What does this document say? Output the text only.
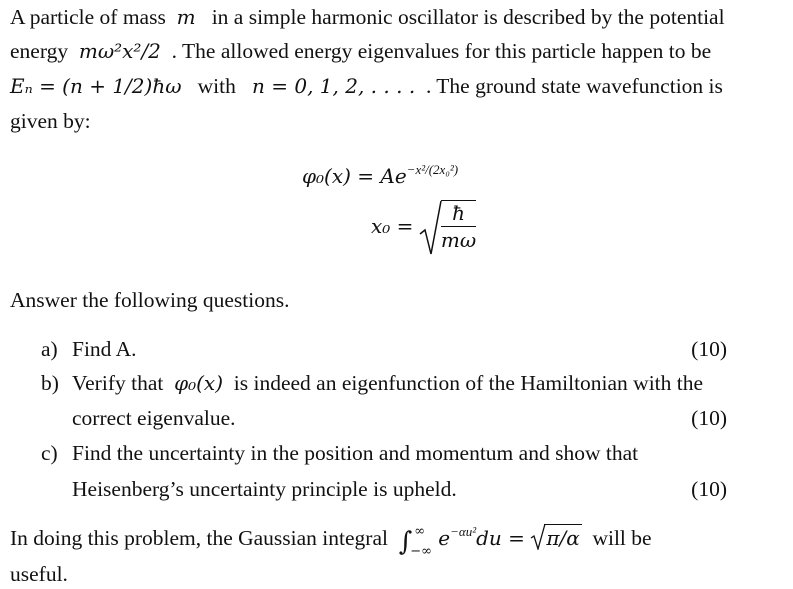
A particle of mass m in a simple harmonic oscillator is described by the potential
energy mω²x²/2 . The allowed energy eigenvalues for this particle happen to be
Eₙ = (n + 1/2)ħω with n = 0, 1, 2, . . . . . The ground state wavefunction is
given by:
$\varphi_0(x) = Ae^{-x^2/(2x_0^2)}$
$x_0 = \frac{ħ}{m\omega}$
Answer the following questions.
a) Find A.	(10)
b) Verify that φ₀(x) is indeed an eigenfunction of the Hamiltonian with the
correct eigenvalue.	(10)
c) Find the uncertainty in the position and momentum and show that
Heisenberg’s uncertainty principle is upheld.	(10)
In doing this problem, the Gaussian integral ∫ ∞
−∞
$e^{-\alpha u^2}du = \pi/\alpha$ will be
useful.
